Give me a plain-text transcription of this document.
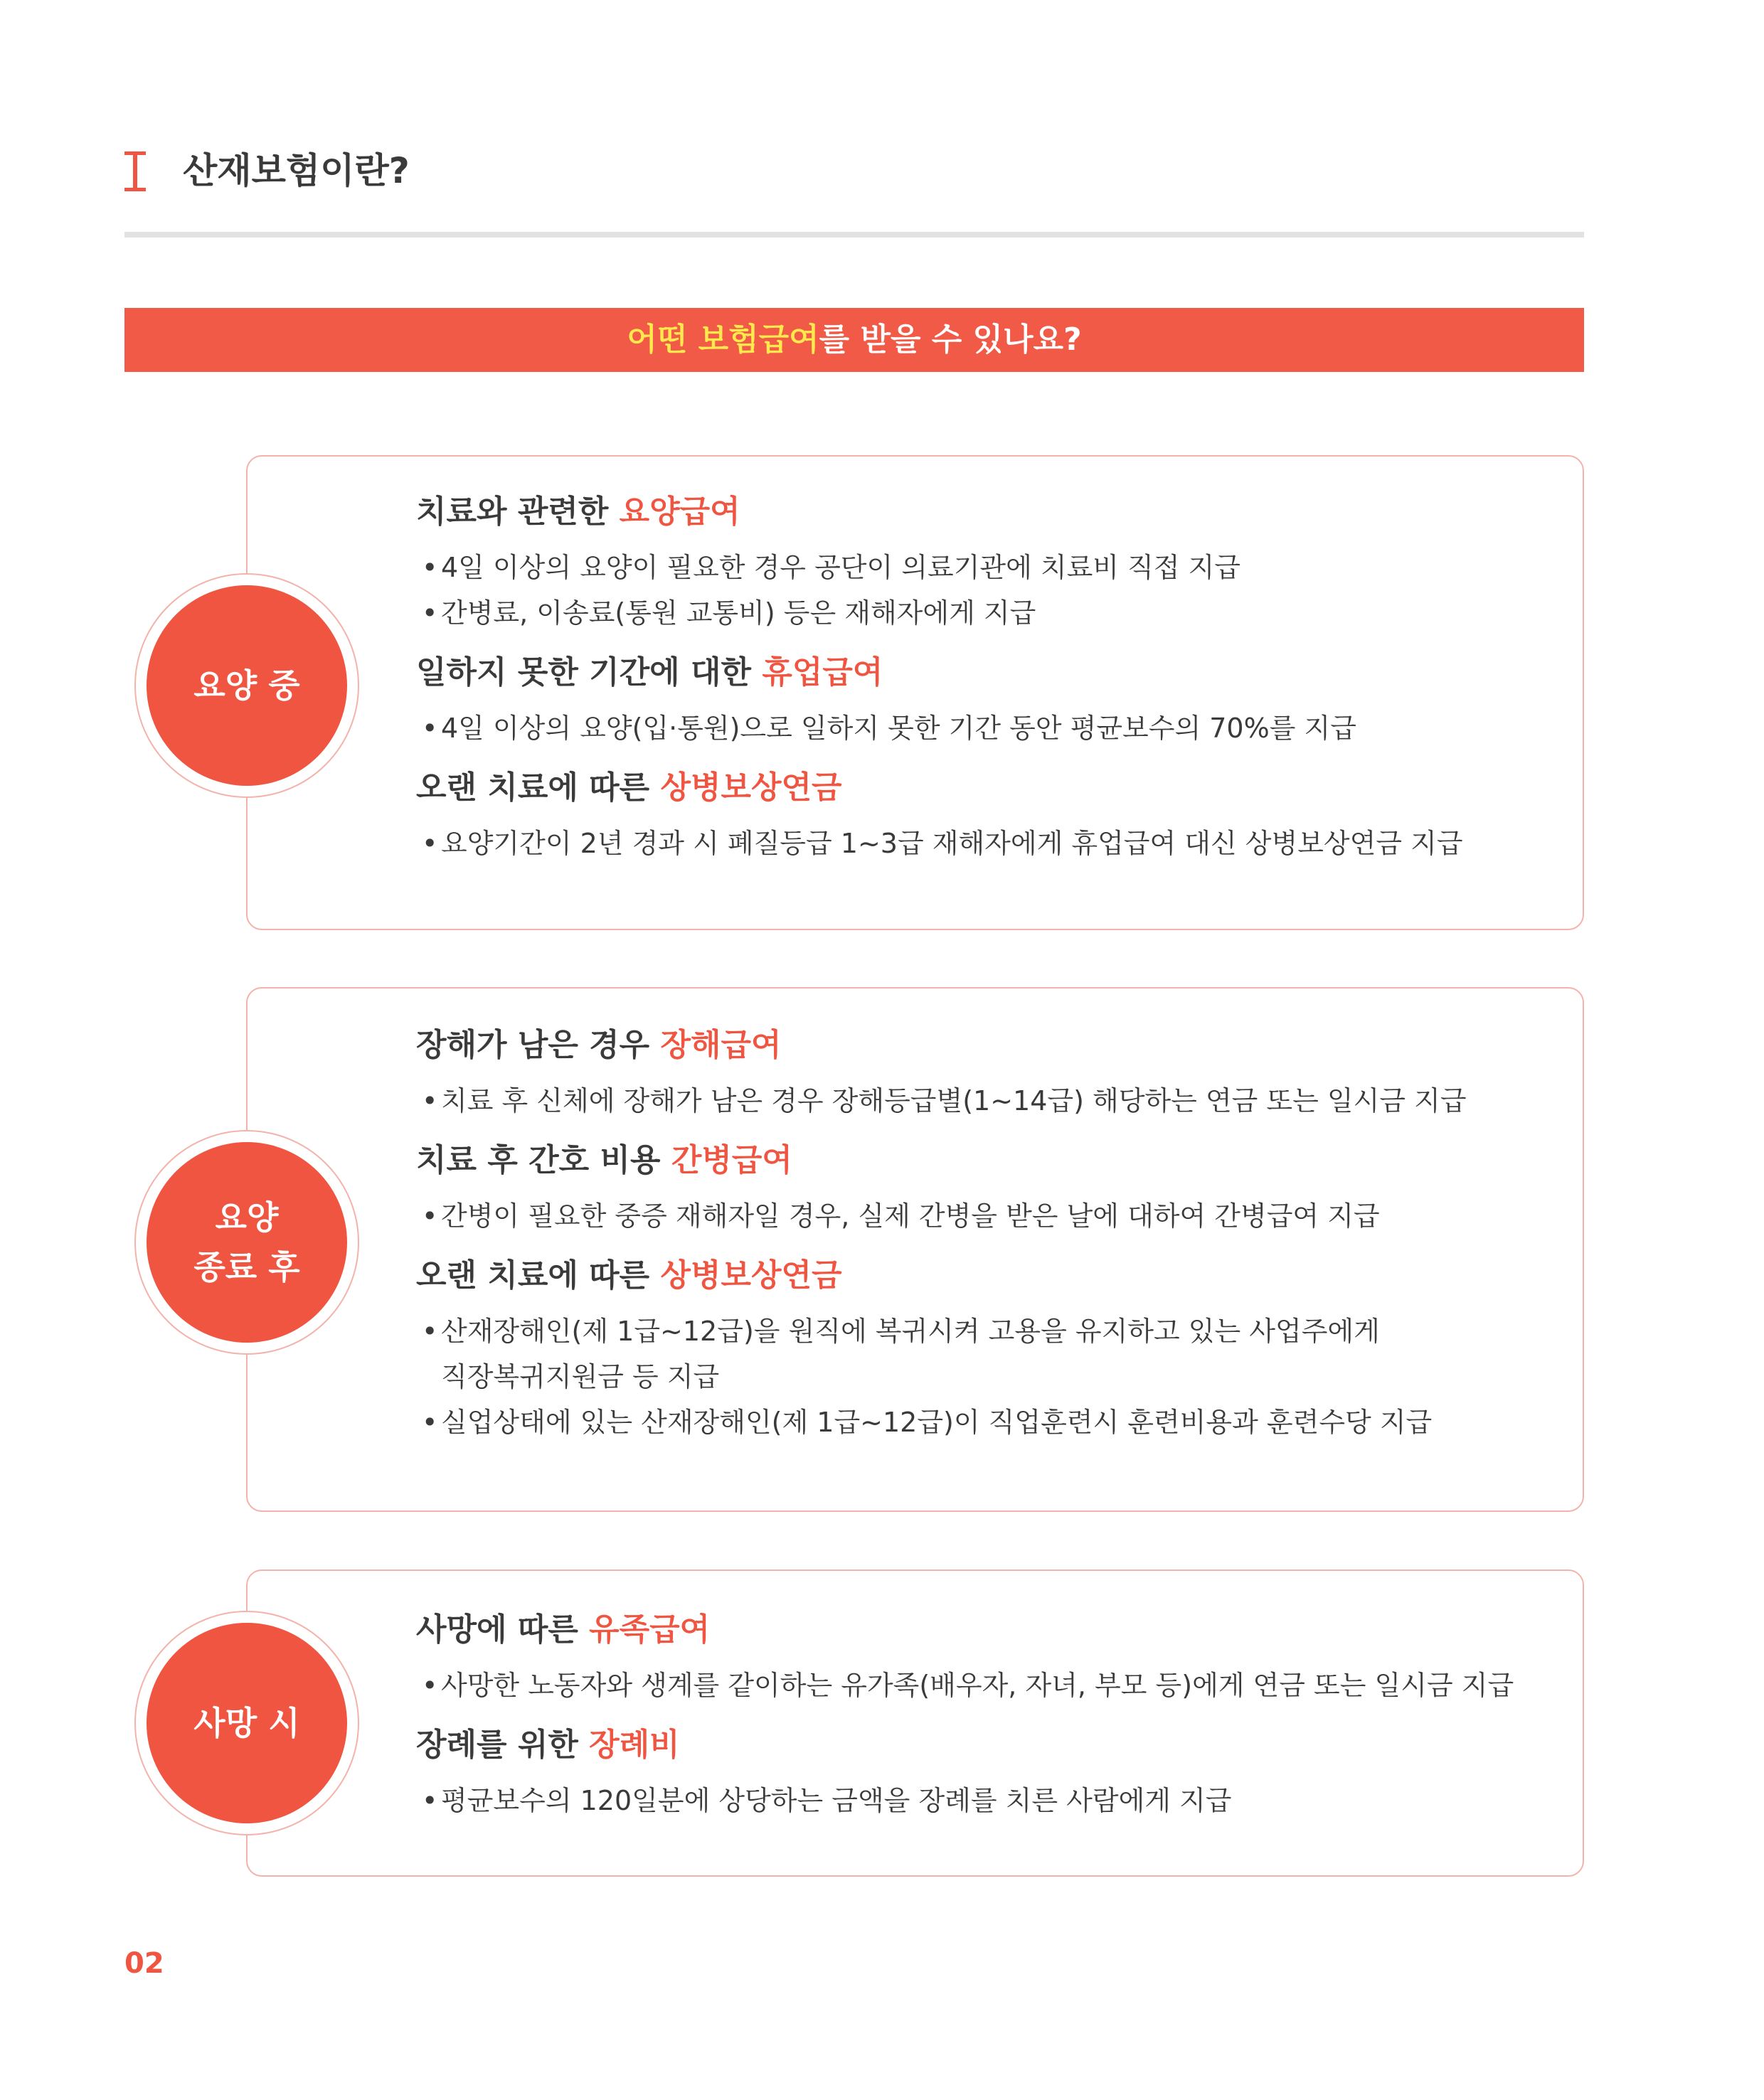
산재보험이란?
어떤 보험급여를 받을 수 있나요?
요양 중
치료와 관련한 요양급여
• 4일 이상의 요양이 필요한 경우 공단이 의료기관에 치료비 직접 지급
• 간병료, 이송료(통원 교통비) 등은 재해자에게 지급
일하지 못한 기간에 대한 휴업급여
• 4일 이상의 요양(입·통원)으로 일하지 못한 기간 동안 평균보수의 70%를 지급
오랜 치료에 따른 상병보상연금
• 요양기간이 2년 경과 시 폐질등급 1~3급 재해자에게 휴업급여 대신 상병보상연금 지급
요양
종료 후
장해가 남은 경우 장해급여
• 치료 후 신체에 장해가 남은 경우 장해등급별(1~14급) 해당하는 연금 또는 일시금 지급
치료 후 간호 비용 간병급여
• 간병이 필요한 중증 재해자일 경우, 실제 간병을 받은 날에 대하여 간병급여 지급
오랜 치료에 따른 상병보상연금
• 산재장해인(제 1급~12급)을 원직에 복귀시켜 고용을 유지하고 있는 사업주에게
직장복귀지원금 등 지급
• 실업상태에 있는 산재장해인(제 1급~12급)이 직업훈련시 훈련비용과 훈련수당 지급
사망 시
사망에 따른 유족급여
• 사망한 노동자와 생계를 같이하는 유가족(배우자, 자녀, 부모 등)에게 연금 또는 일시금 지급
장례를 위한 장례비
• 평균보수의 120일분에 상당하는 금액을 장례를 치른 사람에게 지급
02
